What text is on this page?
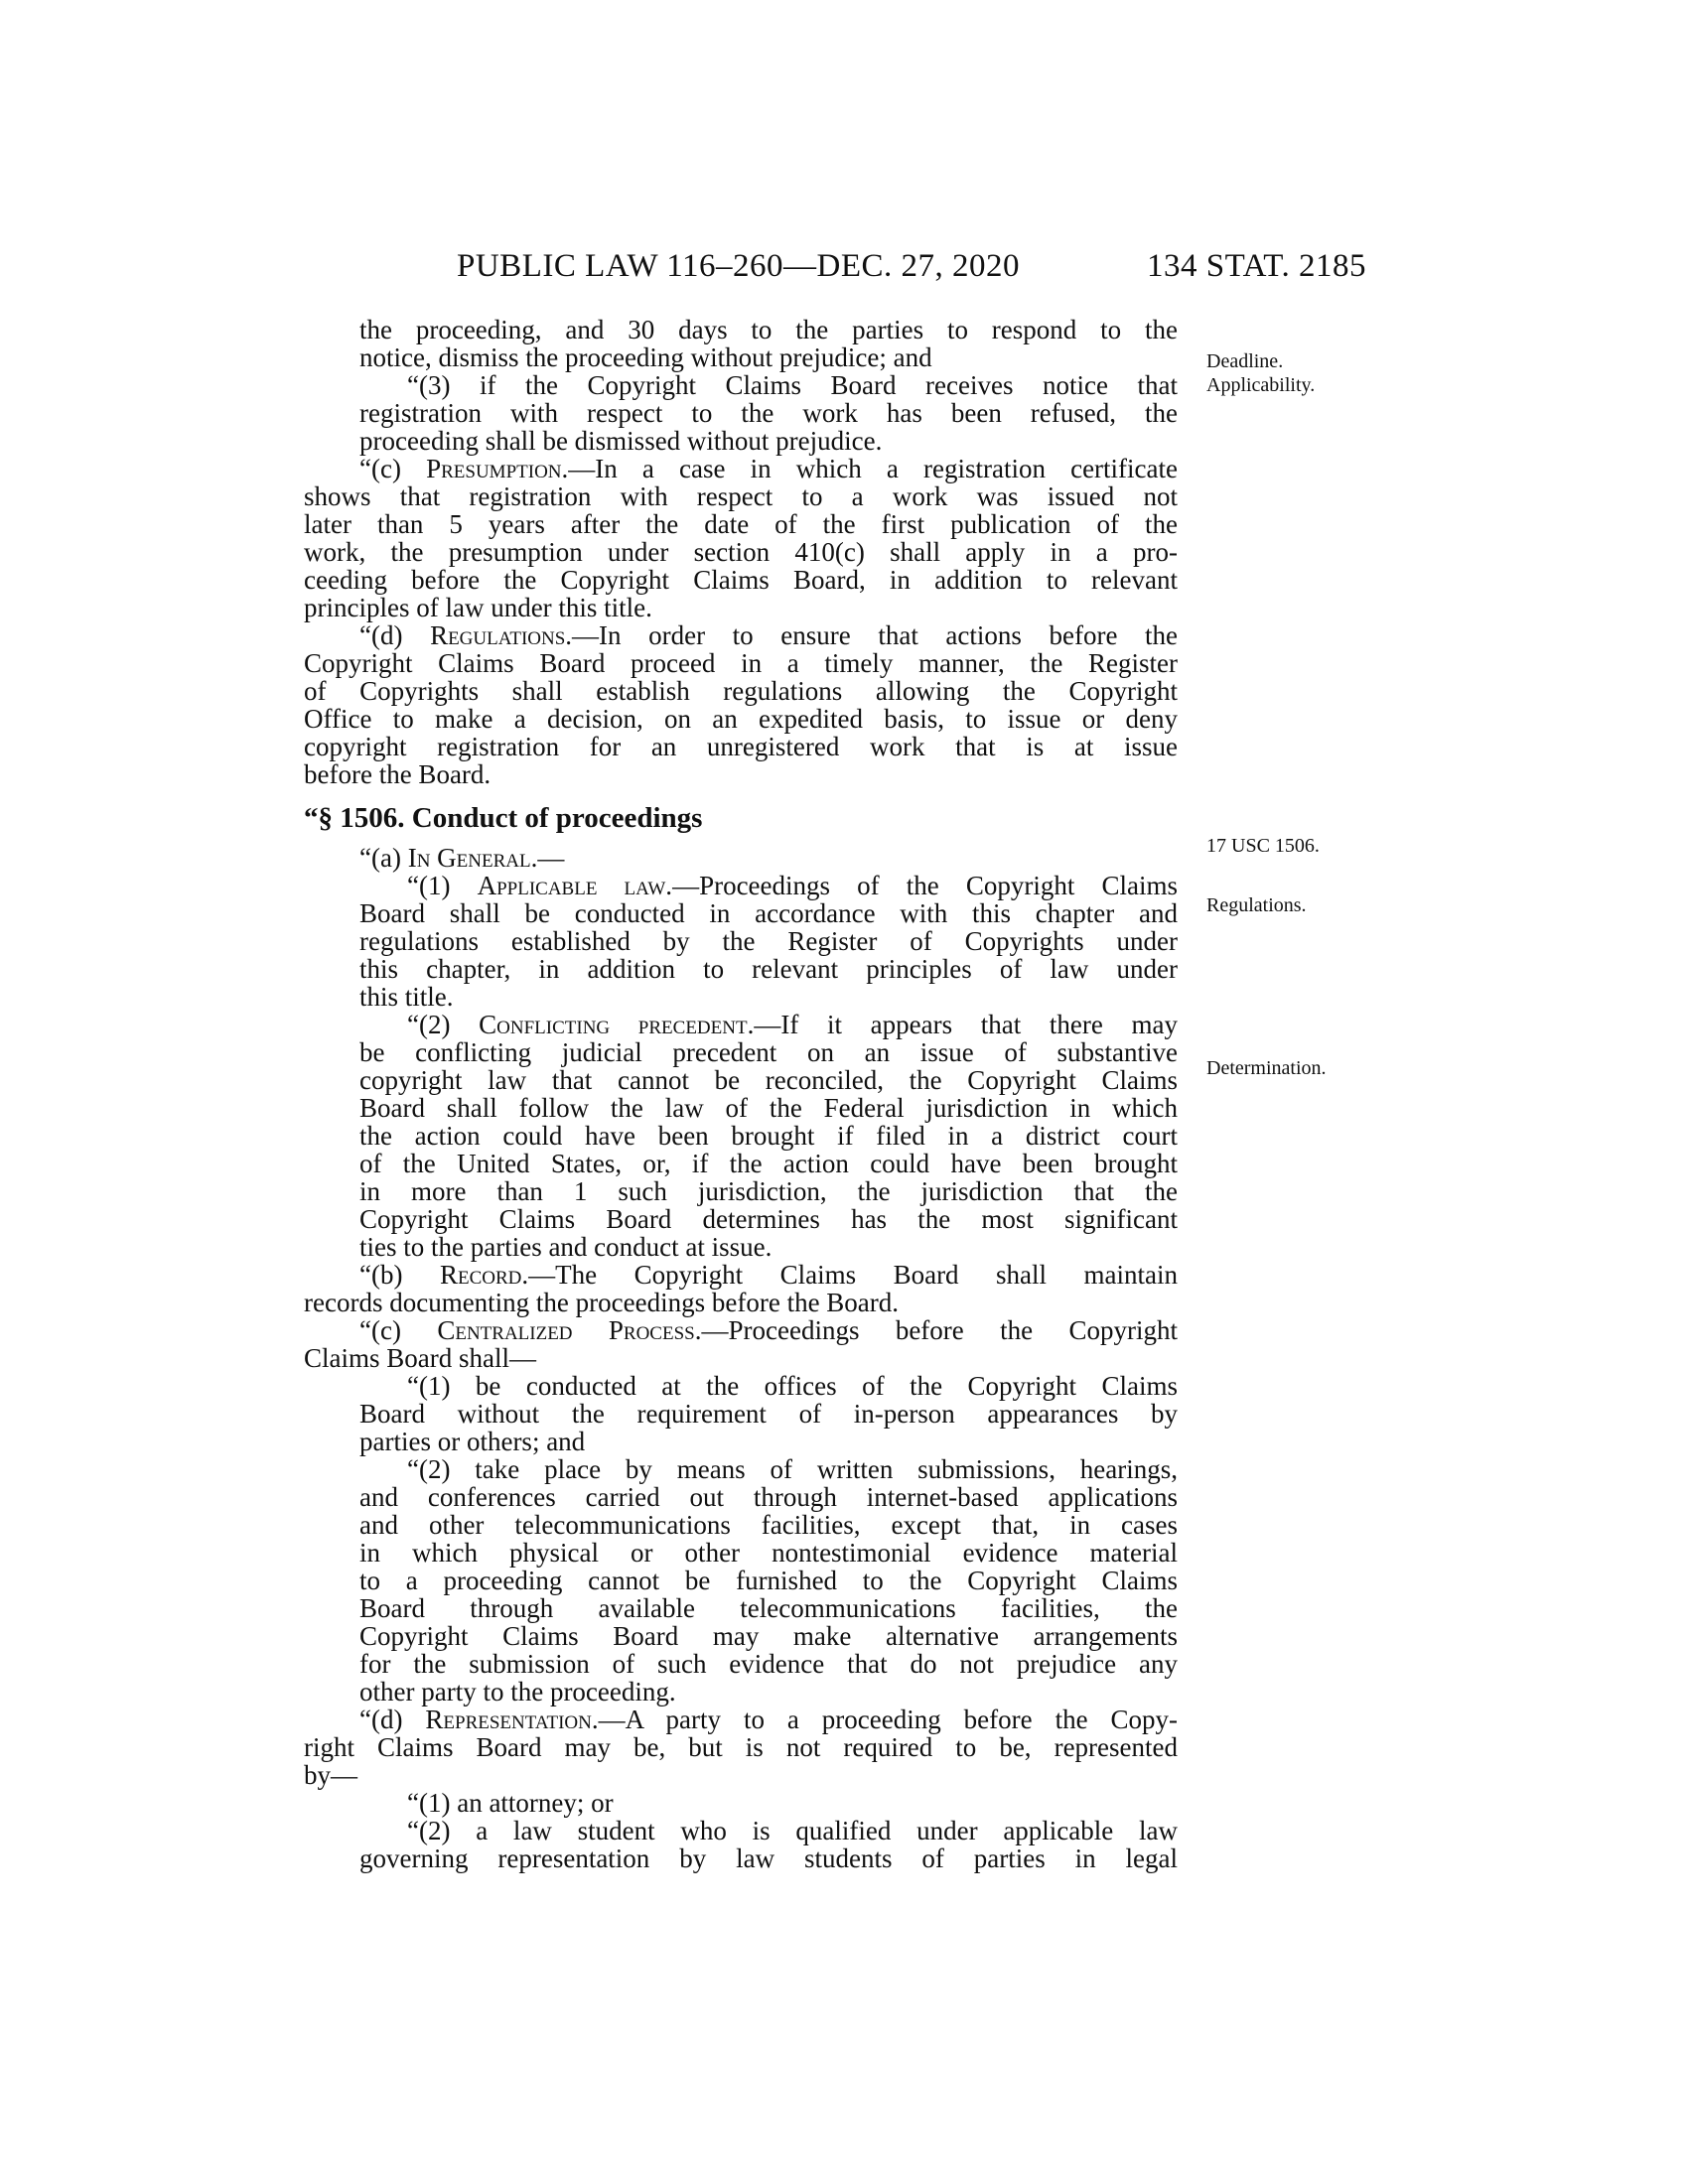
PUBLIC LAW 116–260—DEC. 27, 2020	134 STAT. 2185
Deadline.
Applicability.
17 USC 1506.
Regulations.
Determination.
the proceeding, and 30 days to the parties to respond to the
notice, dismiss the proceeding without prejudice; and
“(3) if the Copyright Claims Board receives notice that
registration with respect to the work has been refused, the
proceeding shall be dismissed without prejudice.
“(c) Presumption.—In a case in which a registration certificate
shows that registration with respect to a work was issued not
later than 5 years after the date of the first publication of the
work, the presumption under section 410(c) shall apply in a pro-
ceeding before the Copyright Claims Board, in addition to relevant
principles of law under this title.
“(d) Regulations.—In order to ensure that actions before the
Copyright Claims Board proceed in a timely manner, the Register
of Copyrights shall establish regulations allowing the Copyright
Office to make a decision, on an expedited basis, to issue or deny
copyright registration for an unregistered work that is at issue
before the Board.
“§ 1506. Conduct of proceedings
“(a) In General.—
“(1) Applicable law.—Proceedings of the Copyright Claims
Board shall be conducted in accordance with this chapter and
regulations established by the Register of Copyrights under
this chapter, in addition to relevant principles of law under
this title.
“(2) Conflicting precedent.—If it appears that there may
be conflicting judicial precedent on an issue of substantive
copyright law that cannot be reconciled, the Copyright Claims
Board shall follow the law of the Federal jurisdiction in which
the action could have been brought if filed in a district court
of the United States, or, if the action could have been brought
in more than 1 such jurisdiction, the jurisdiction that the
Copyright Claims Board determines has the most significant
ties to the parties and conduct at issue.
“(b) Record.—The Copyright Claims Board shall maintain
records documenting the proceedings before the Board.
“(c) Centralized Process.—Proceedings before the Copyright
Claims Board shall—
“(1) be conducted at the offices of the Copyright Claims
Board without the requirement of in-person appearances by
parties or others; and
“(2) take place by means of written submissions, hearings,
and conferences carried out through internet-based applications
and other telecommunications facilities, except that, in cases
in which physical or other nontestimonial evidence material
to a proceeding cannot be furnished to the Copyright Claims
Board through available telecommunications facilities, the
Copyright Claims Board may make alternative arrangements
for the submission of such evidence that do not prejudice any
other party to the proceeding.
“(d) Representation.—A party to a proceeding before the Copy-
right Claims Board may be, but is not required to be, represented
by—
“(1) an attorney; or
“(2) a law student who is qualified under applicable law
governing representation by law students of parties in legal
